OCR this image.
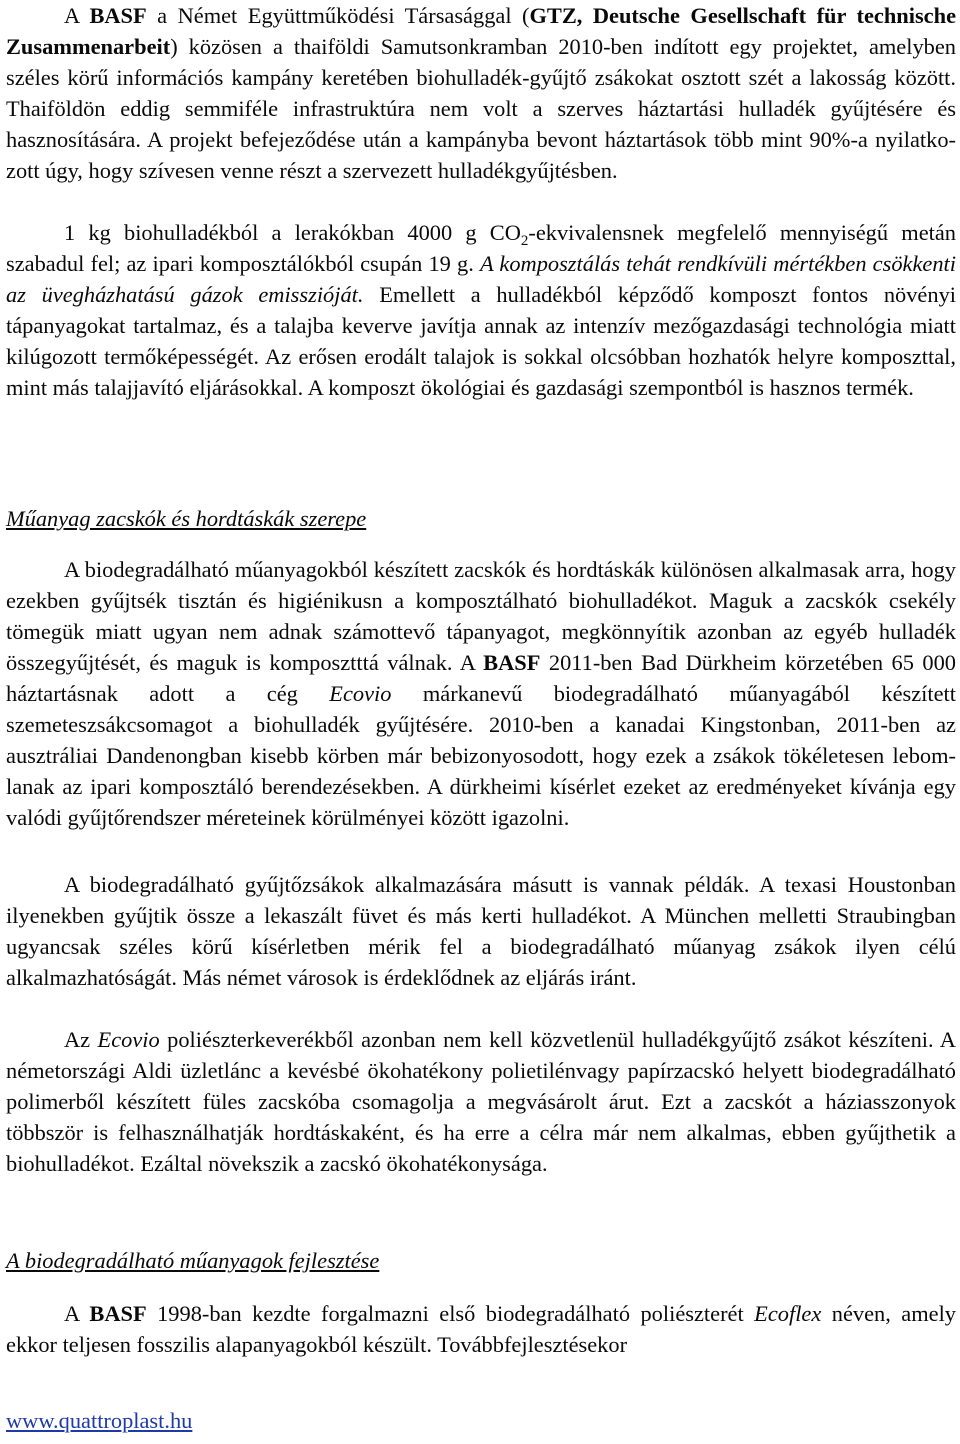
A BASF a Német Együttműködési Társasággal (GTZ, Deutsche Gesellschaft für technische Zusammenarbeit) közösen a thaiföldi Samutsonkramban 2010-ben indított egy projektet, amelyben széles körű információs kampány keretében biohulladék-gyűjtő zsákokat osztott szét a lakosság között. Thaiföldön eddig semmiféle infrastruktúra nem volt a szerves háztartási hulladék gyűjtésére és hasznosítására. A projekt befejeződése után a kampányba bevont háztartások több mint 90%-a nyilatkozott úgy, hogy szívesen venne részt a szervezett hulladékgyűjtésben.

1 kg biohulladékból a lerakókban 4000 g $CO_2$-ekvivalensnek megfelelő mennyiségű metán szabadul fel; az ipari komposztálókból csupán 19 g. A komposztálás tehát rendkívüli mértékben csökkenti az üvegházhatású gázok emisszióját. Emellett a hulladékból képződő komposzt fontos növényi tápanyagokat tartalmaz, és a talajba keverve javítja annak az intenzív mezőgazdasági technológia miatt kilúgozott termőképességét. Az erősen erodált talajok is sokkal olcsóbban hozhatók helyre komposzttal, mint más talajjavító eljárásokkal. A komposzt ökológiai és gazdasági szempontból is hasznos termék.

Műanyag zacskók és hordtáskák szerepe

A biodegradálható műanyagokból készített zacskók és hordtáskák különösen alkalmasak arra, hogy ezekben gyűjtsék tisztán és higiénikusn a komposztálható biohulladékot. Maguk a zacskók csekély tömegük miatt ugyan nem adnak számottevő tápanyagot, megkönnyítik azonban az egyéb hulladék összegyűjtését, és maguk is komposztttá válnak. A BASF 2011-ben Bad Dürkheim körzetében 65 000 háztartásnak adott a cég Ecovio márkanevű biodegradálható műanyagából készített szemeteszsákcsomagot a biohulladék gyűjtésére. 2010-ben a kanadai Kingstonban, 2011-ben az ausztráliai Dandenongban kisebb körben már bebizonyosodott, hogy ezek a zsákok tökéletesen lebomlanak az ipari komposztáló berendezésekben. A dürkheimi kísérlet ezeket az eredményeket kívánja egy valódi gyűjtőrendszer méreteinek körülményei között igazolni.

A biodegradálható gyűjtőzsákok alkalmazására másutt is vannak példák. A texasi Houstonban ilyenekben gyűjtik össze a lekaszált füvet és más kerti hulladékot. A München melletti Straubingban ugyancsak széles körű kísérletben mérik fel a biodegradálható műanyag zsákok ilyen célú alkalmazhatóságát. Más német városok is érdeklődnek az eljárás iránt.

Az Ecovio poliészterkeverékből azonban nem kell közvetlenül hulladékgyűjtő zsákot készíteni. A németországi Aldi üzletlánc a kevésbé ökohatékony polietilénvagy papírzacskó helyett biodegradálható polimerből készített füles zacskóba csomagolja a megvásárolt árut. Ezt a zacskót a háziasszonyok többször is felhasználhatják hordtáskaként, és ha erre a célra már nem alkalmas, ebben gyűjthetik a biohulladékot. Ezáltal növekszik a zacskó ökohatékonysága.

A biodegradálható műanyagok fejlesztése

A BASF 1998-ban kezdte forgalmazni első biodegradálható poliészterét Ecoflex néven, amely ekkor teljesen fosszilis alapanyagokból készült. Továbbfejlesztésekor

www.quattroplast.hu
